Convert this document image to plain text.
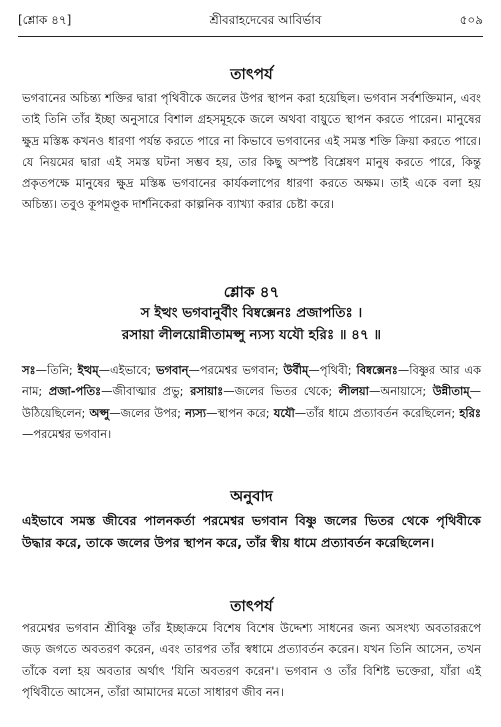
[শ্লোক ৪৭]	শ্রীবরাহদেবের আবির্ভাব	৫০৯
তাৎপর্য
ভগবানের অচিন্ত্য শক্তির দ্বারা পৃথিবীকে জলের উপর স্থাপন করা হয়েছিল। ভগবান সর্বশক্তিমান, এবং তাই তিনি তাঁর ইচ্ছা অনুসারে বিশাল গ্রহসমূহকে জলে অথবা বায়ুতে স্থাপন করতে পারেন। মানুষের ক্ষুদ্র মস্তিষ্ক কখনও ধারণা পর্যন্ত করতে পারে না কিভাবে ভগবানের এই সমস্ত শক্তি ক্রিয়া করতে পারে। যে নিয়মের দ্বারা এই সমস্ত ঘটনা সম্ভব হয়, তার কিছু অস্পষ্ট বিশ্লেষণ মানুষ করতে পারে, কিন্তু প্রকৃতপক্ষে মানুষের ক্ষুদ্র মস্তিষ্ক ভগবানের কার্যকলাপের ধারণা করতে অক্ষম। তাই একে বলা হয় অচিন্ত্য। তবুও কূপমণ্ডূক দার্শনিকেরা কাল্পনিক ব্যাখ্যা করার চেষ্টা করে।
শ্লোক ৪৭
স ইত্থং ভগবানুর্বীং বিষ্বক্সেনঃ প্রজাপতিঃ ।
রসায়া লীলয়োন্নীতামপ্সু ন্যস্য যযৌ হরিঃ ॥ ৪৭ ॥
সঃ—তিনি; ইত্থম্—এইভাবে; ভগবান্—পরমেশ্বর ভগবান; উর্বীম্—পৃথিবী; বিষ্বক্সেনঃ—বিষ্ণুর আর এক নাম; প্রজা-পতিঃ—জীবাত্মার প্রভু; রসায়াঃ—জলের ভিতর থেকে; লীলয়া—অনায়াসে; উন্নীতাম্—উঠিয়েছিলেন; অপ্সু—জলের উপর; ন্যস্য—স্থাপন করে; যযৌ—তাঁর ধামে প্রত্যাবর্তন করেছিলেন; হরিঃ—পরমেশ্বর ভগবান।
অনুবাদ
এইভাবে সমস্ত জীবের পালনকর্তা পরমেশ্বর ভগবান বিষ্ণু জলের ভিতর থেকে পৃথিবীকে উদ্ধার করে, তাকে জলের উপর স্থাপন করে, তাঁর স্বীয় ধামে প্রত্যাবর্তন করেছিলেন।
তাৎপর্য
পরমেশ্বর ভগবান শ্রীবিষ্ণু তাঁর ইচ্ছাক্রমে বিশেষ বিশেষ উদ্দেশ্য সাধনের জন্য অসংখ্য অবতাররূপে জড় জগতে অবতরণ করেন, এবং তারপর তাঁর স্বধামে প্রত্যাবর্তন করেন। যখন তিনি আসেন, তখন তাঁকে বলা হয় অবতার অর্থাৎ 'যিনি অবতরণ করেন'। ভগবান ও তাঁর বিশিষ্ট ভক্তেরা, যাঁরা এই পৃথিবীতে আসেন, তাঁরা আমাদের মতো সাধারণ জীব নন।
